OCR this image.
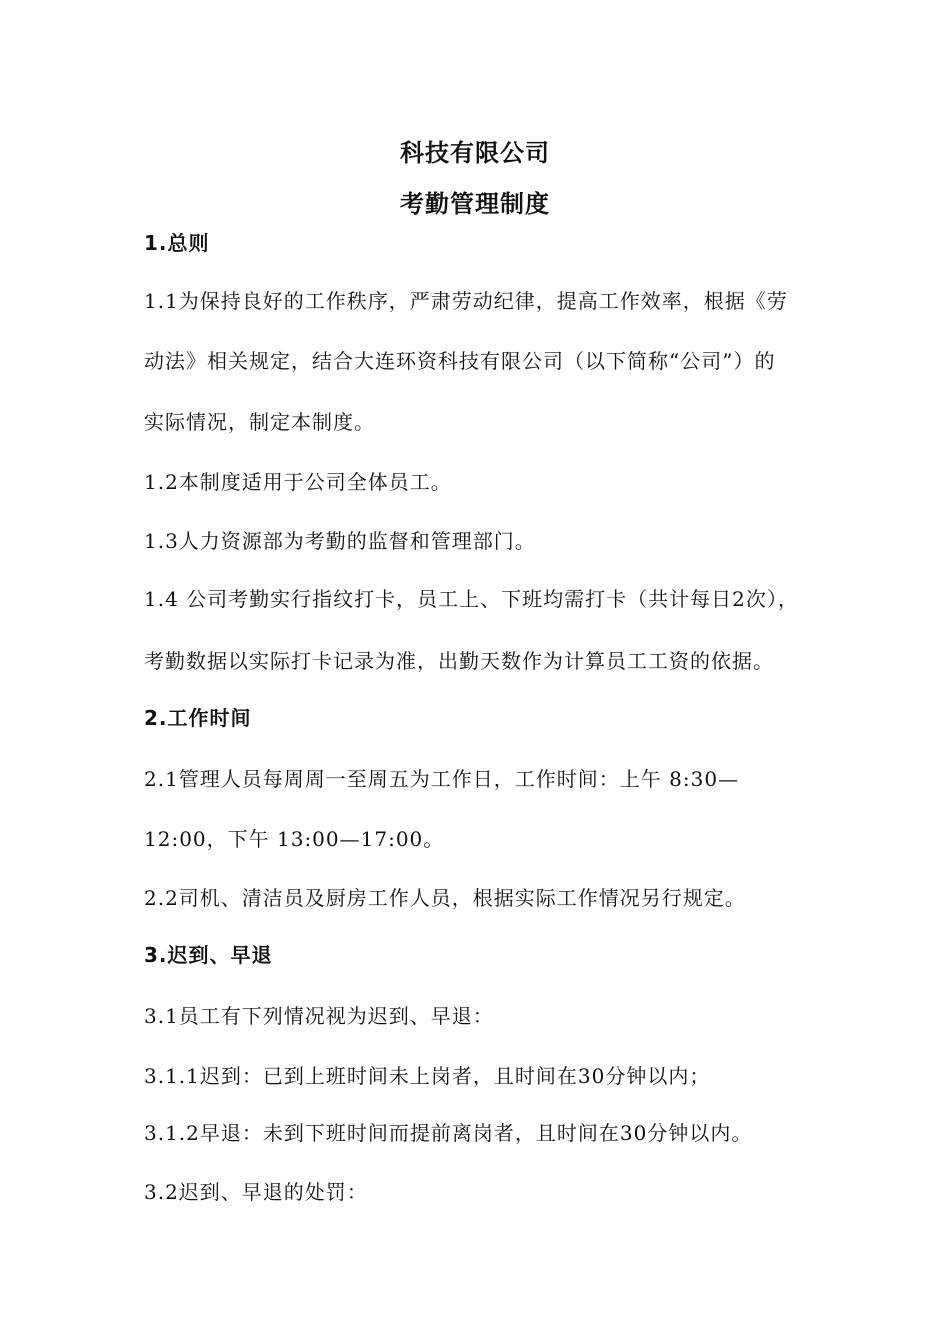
科技有限公司
考勤管理制度
1.总则
1.1为保持良好的工作秩序，严肃劳动纪律，提高工作效率，根据《劳
动法》相关规定，结合大连环资科技有限公司（以下简称“公司”）的
实际情况，制定本制度。
1.2本制度适用于公司全体员工。
1.3人力资源部为考勤的监督和管理部门。
1.4 公司考勤实行指纹打卡，员工上、下班均需打卡（共计每日2次），
考勤数据以实际打卡记录为准，出勤天数作为计算员工工资的依据。
2.工作时间
2.1管理人员每周周一至周五为工作日，工作时间：上午 8:30—
12:00，下午 13:00—17:00。
2.2司机、清洁员及厨房工作人员，根据实际工作情况另行规定。
3.迟到、早退
3.1员工有下列情况视为迟到、早退：
3.1.1迟到：已到上班时间未上岗者，且时间在30分钟以内；
3.1.2早退：未到下班时间而提前离岗者，且时间在30分钟以内。
3.2迟到、早退的处罚：
